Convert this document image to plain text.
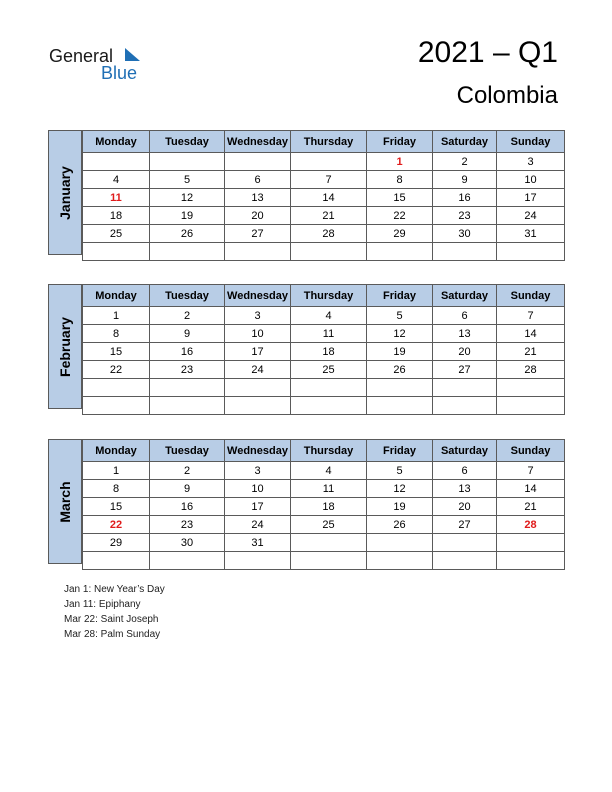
General
Blue
2021 – Q1
Colombia
January
Monday	Tuesday	Wednesday	Thursday	Friday	Saturday	Sunday
				1	2	3
4	5	6	7	8	9	10
11	12	13	14	15	16	17
18	19	20	21	22	23	24
25	26	27	28	29	30	31

February
Monday	Tuesday	Wednesday	Thursday	Friday	Saturday	Sunday
1	2	3	4	5	6	7
8	9	10	11	12	13	14
15	16	17	18	19	20	21
22	23	24	25	26	27	28

March
Monday	Tuesday	Wednesday	Thursday	Friday	Saturday	Sunday
1	2	3	4	5	6	7
8	9	10	11	12	13	14
15	16	17	18	19	20	21
22	23	24	25	26	27	28
29	30	31				

Jan 1: New Year’s Day
Jan 11: Epiphany
Mar 22: Saint Joseph
Mar 28: Palm Sunday
